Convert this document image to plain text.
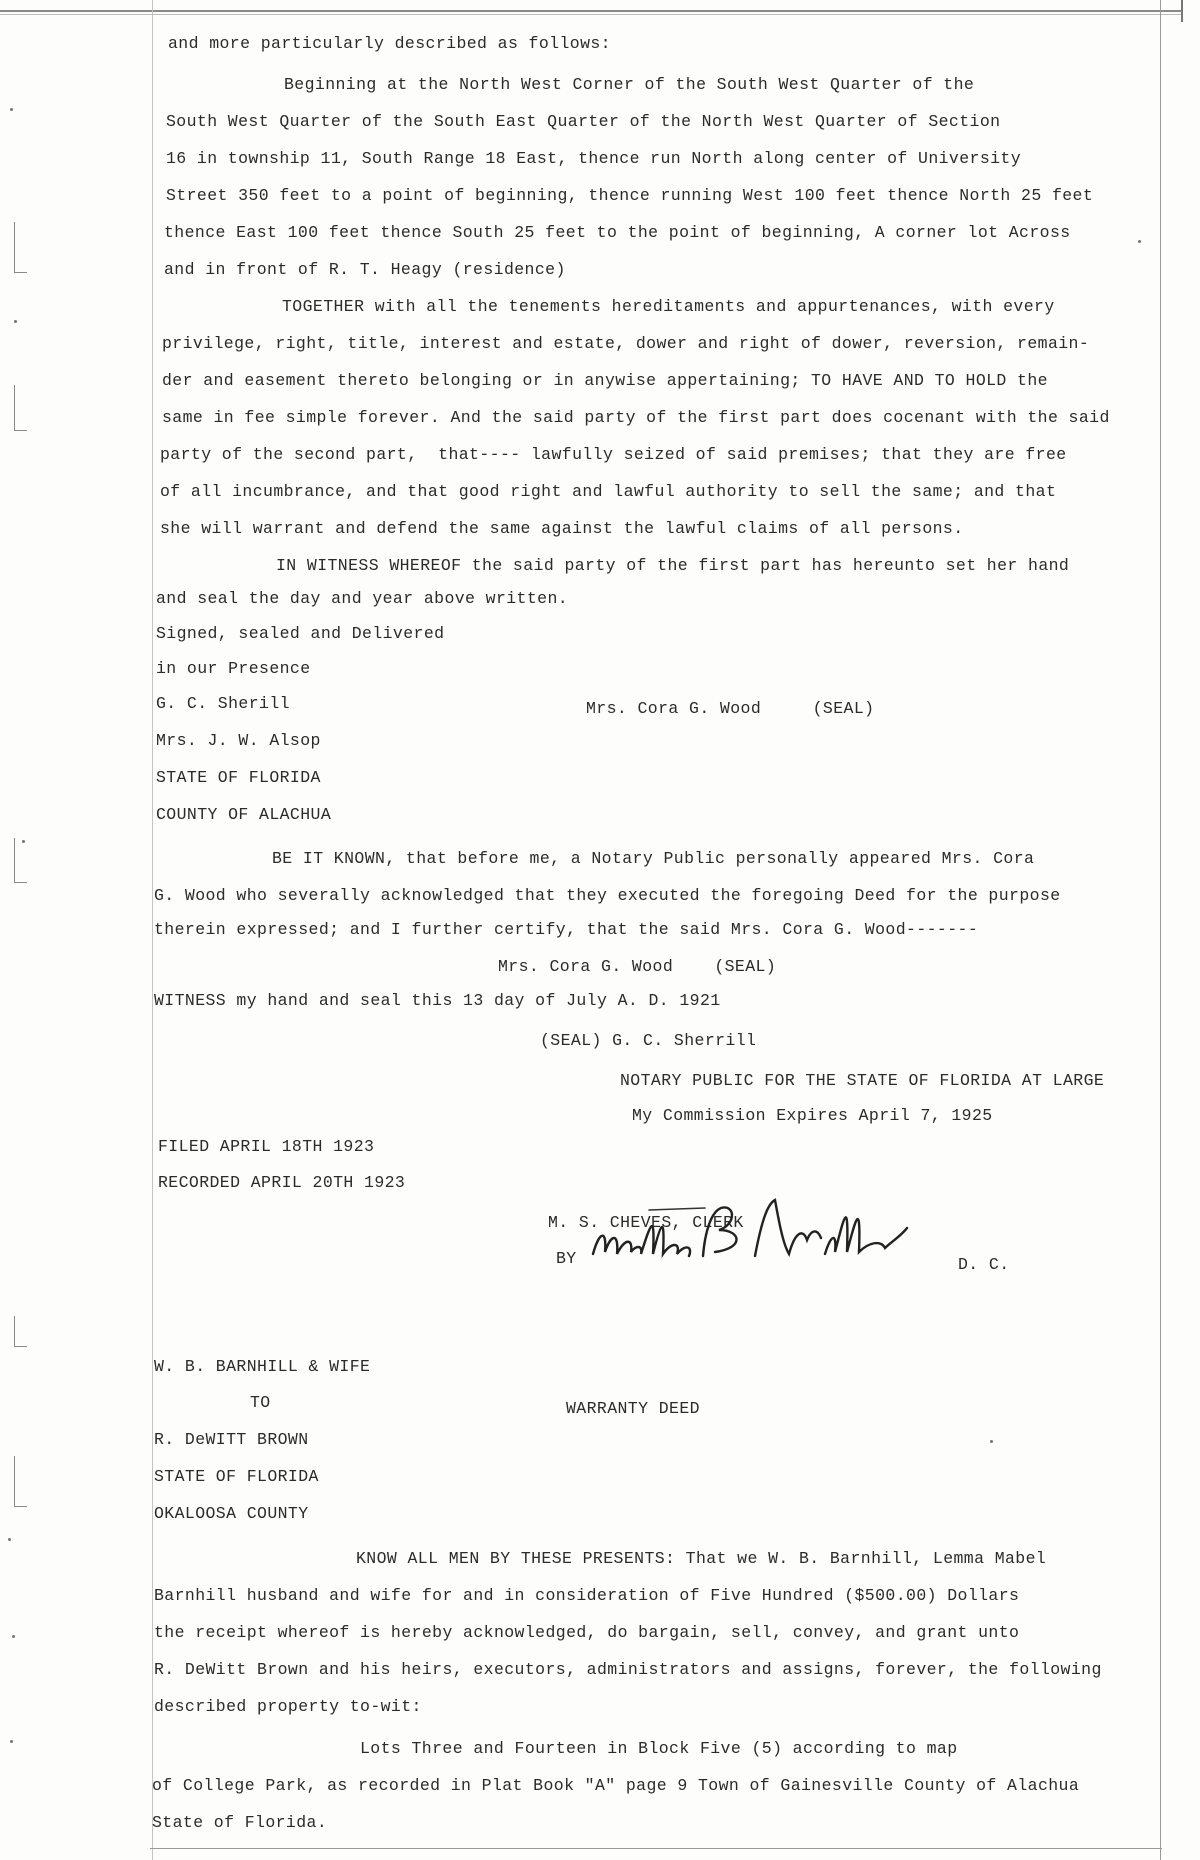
and more particularly described as follows:
Beginning at the North West Corner of the South West Quarter of the
South West Quarter of the South East Quarter of the North West Quarter of Section
16 in township 11, South Range 18 East, thence run North along center of University
Street 350 feet to a point of beginning, thence running West 100 feet thence North 25 feet
thence East 100 feet thence South 25 feet to the point of beginning, A corner lot Across
and in front of R. T. Heagy (residence)
TOGETHER with all the tenements hereditaments and appurtenances, with every
privilege, right, title, interest and estate, dower and right of dower, reversion, remain-
der and easement thereto belonging or in anywise appertaining; TO HAVE AND TO HOLD the
same in fee simple forever. And the said party of the first part does cocenant with the said
party of the second part,  that---- lawfully seized of said premises; that they are free
of all incumbrance, and that good right and lawful authority to sell the same; and that
she will warrant and defend the same against the lawful claims of all persons.
IN WITNESS WHEREOF the said party of the first part has hereunto set her hand
and seal the day and year above written.
Signed, sealed and Delivered
in our Presence
G. C. Sherill	Mrs. Cora G. Wood     (SEAL)
Mrs. J. W. Alsop
STATE OF FLORIDA
COUNTY OF ALACHUA
BE IT KNOWN, that before me, a Notary Public personally appeared Mrs. Cora
G. Wood who severally acknowledged that they executed the foregoing Deed for the purpose
therein expressed; and I further certify, that the said Mrs. Cora G. Wood-------
Mrs. Cora G. Wood    (SEAL)
WITNESS my hand and seal this 13 day of July A. D. 1921
(SEAL) G. C. Sherrill
NOTARY PUBLIC FOR THE STATE OF FLORIDA AT LARGE
My Commission Expires April 7, 1925
FILED APRIL 18TH 1923
RECORDED APRIL 20TH 1923
M. S. CHEVES, CLERK
BY	D. C.
W. B. BARNHILL & WIFE
TO	WARRANTY DEED
R. DeWITT BROWN
STATE OF FLORIDA
OKALOOSA COUNTY
KNOW ALL MEN BY THESE PRESENTS: That we W. B. Barnhill, Lemma Mabel
Barnhill husband and wife for and in consideration of Five Hundred ($500.00) Dollars
the receipt whereof is hereby acknowledged, do bargain, sell, convey, and grant unto
R. DeWitt Brown and his heirs, executors, administrators and assigns, forever, the following
described property to-wit:
Lots Three and Fourteen in Block Five (5) according to map
of College Park, as recorded in Plat Book "A" page 9 Town of Gainesville County of Alachua
State of Florida.
